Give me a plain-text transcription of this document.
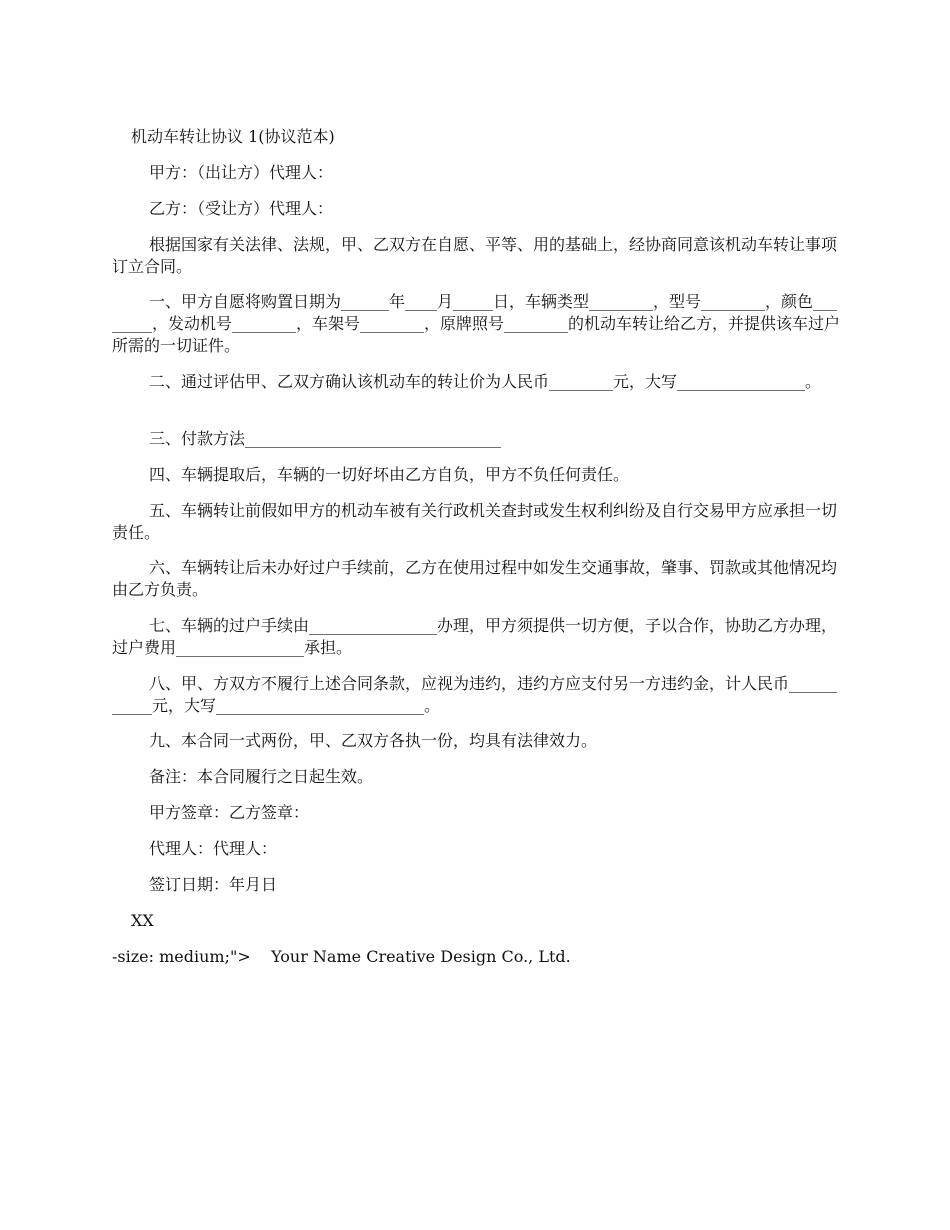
机动车转让协议 1(协议范本)
甲方：（出让方）代理人：
乙方：（受让方）代理人：
根据国家有关法律、法规，甲、乙双方在自愿、平等、用的基础上，经协商同意该机动车转让事项订立合同。
一、甲方自愿将购置日期为______年____月_____日，车辆类型________，型号________，颜色________，发动机号________，车架号________，原牌照号________的机动车转让给乙方，并提供该车过户所需的一切证件。
二、通过评估甲、乙双方确认该机动车的转让价为人民币________元，大写________________。
三、付款方法________________________________
四、车辆提取后，车辆的一切好坏由乙方自负，甲方不负任何责任。
五、车辆转让前假如甲方的机动车被有关行政机关查封或发生权利纠纷及自行交易甲方应承担一切责任。
六、车辆转让后未办好过户手续前，乙方在使用过程中如发生交通事故，肇事、罚款或其他情况均由乙方负责。
七、车辆的过户手续由________________办理，甲方须提供一切方便，子以合作，协助乙方办理，过户费用________________承担。
八、甲、方双方不履行上述合同条款，应视为违约，违约方应支付另一方违约金，计人民币___________元，大写__________________________。
九、本合同一式两份，甲、乙双方各执一份，均具有法律效力。
备注：本合同履行之日起生效。
甲方签章：乙方签章：
代理人：代理人：
签订日期：年月日
XX
-size: medium;">    Your Name Creative Design Co., Ltd.
